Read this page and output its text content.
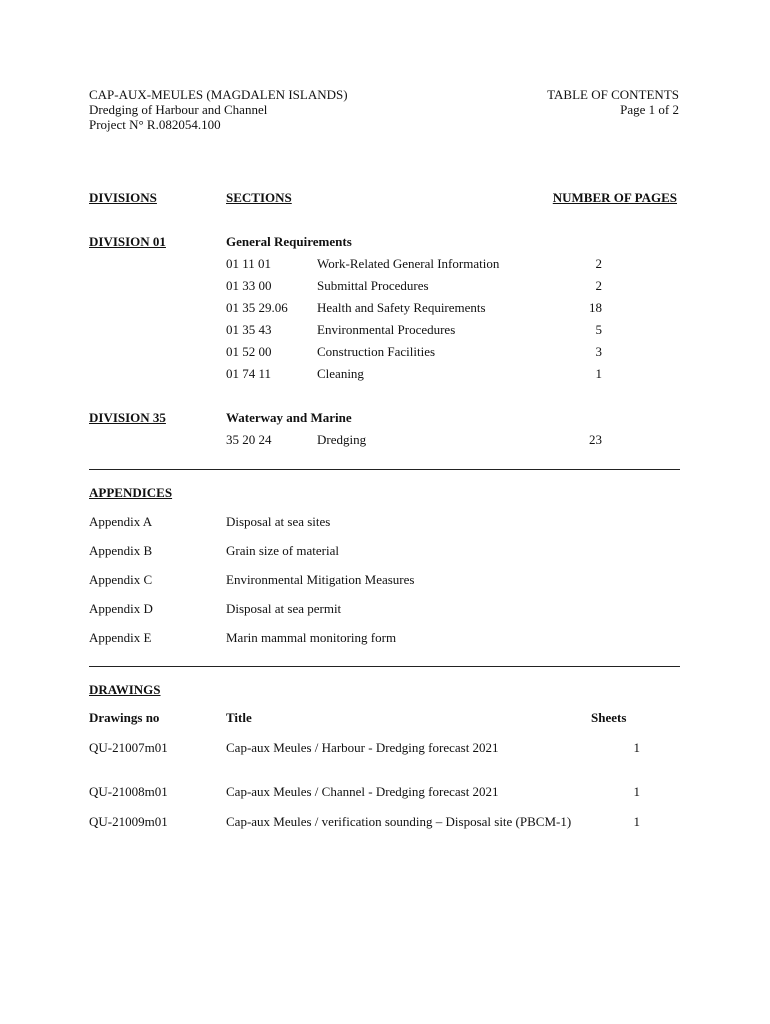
CAP-AUX-MEULES (MAGDALEN ISLANDS)
Dredging of Harbour and Channel
Project N° R.082054.100
TABLE OF CONTENTS
Page 1 of 2
DIVISIONS	SECTIONS	NUMBER OF PAGES
DIVISION 01	General Requirements
01 11 01	Work-Related General Information	2
01 33 00	Submittal Procedures	2
01 35 29.06 Health and Safety Requirements	18
01 35 43	Environmental Procedures	5
01 52 00	Construction Facilities	3
01 74 11	Cleaning	1
DIVISION 35	Waterway and Marine
35 20 24	Dredging	23
APPENDICES
Appendix A	Disposal at sea sites
Appendix B	Grain size of material
Appendix C	Environmental Mitigation Measures
Appendix D	Disposal at sea permit
Appendix E	Marin mammal monitoring form
DRAWINGS
Drawings no	Title	Sheets
QU-21007m01	Cap-aux Meules / Harbour - Dredging forecast 2021	1
QU-21008m01	Cap-aux Meules / Channel - Dredging forecast 2021	1
QU-21009m01	Cap-aux Meules / verification sounding – Disposal site (PBCM-1)	1
